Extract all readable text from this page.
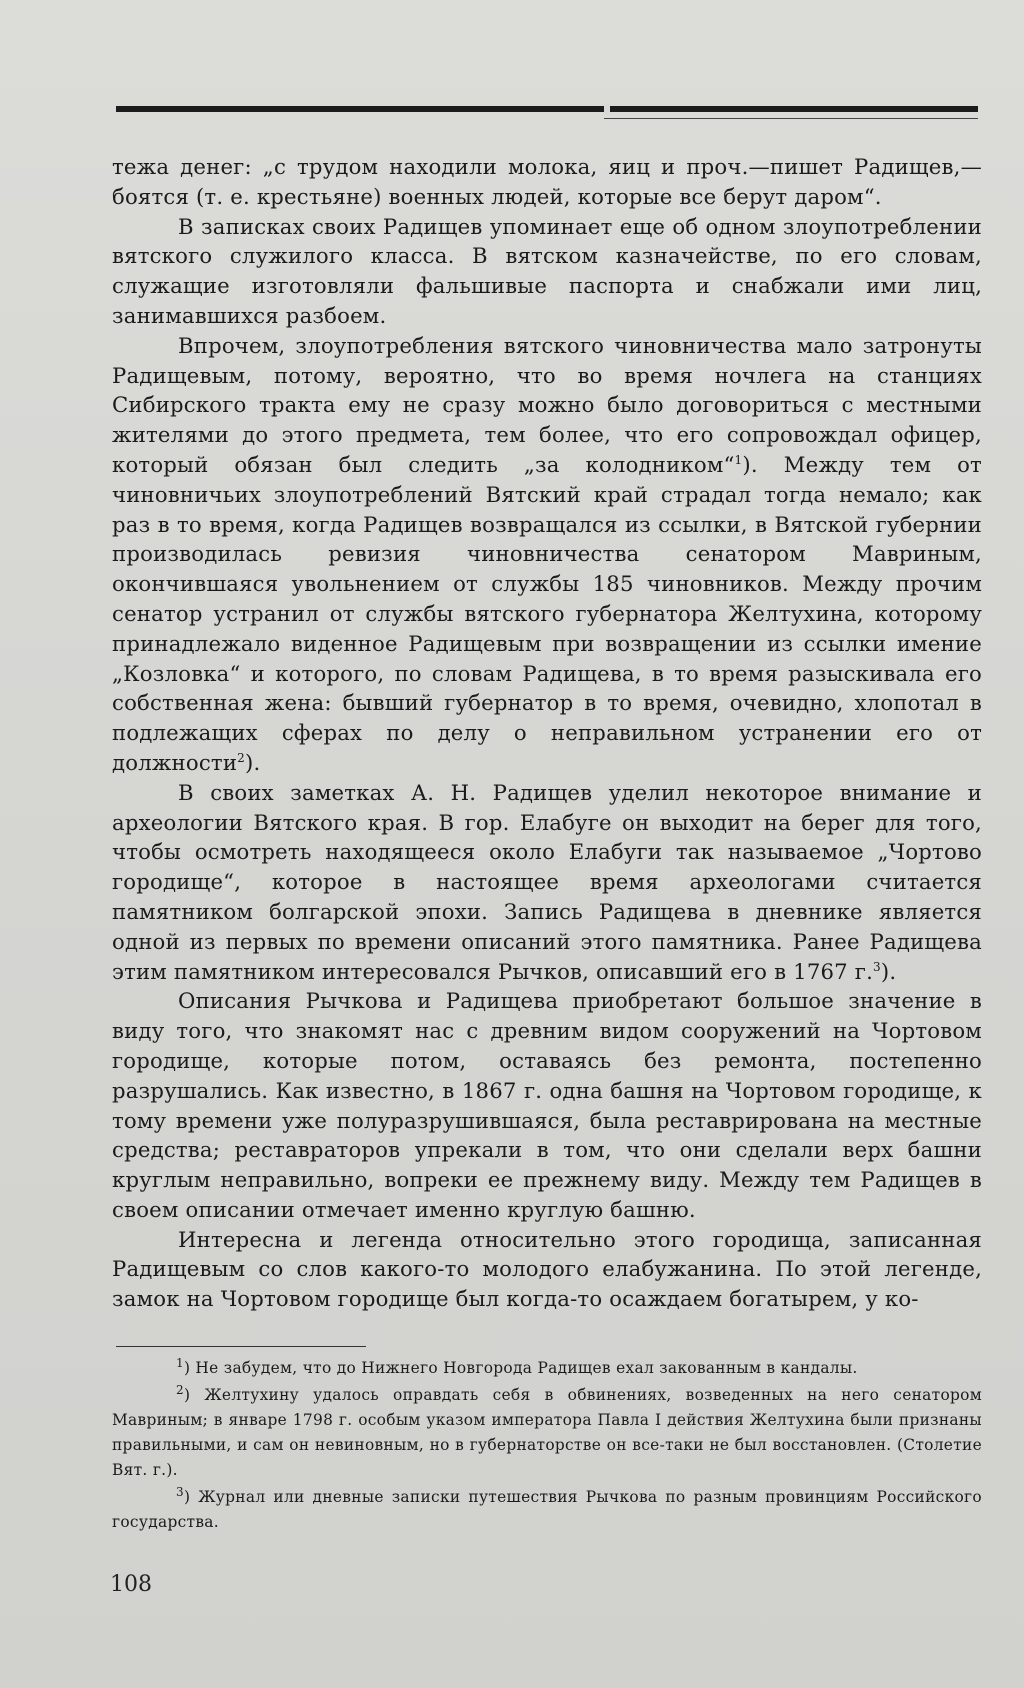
тежа денег: „с трудом находили молока, яиц и проч.—пишет Радищев,—боятся (т. е. крестьяне) военных людей, которые все берут даром“.

В записках своих Радищев упоминает еще об одном злоупотреблении вятского служилого класса. В вятском казначействе, по его словам, служащие изготовляли фальшивые паспорта и снабжали ими лиц, занимавшихся разбоем.

Впрочем, злоупотребления вятского чиновничества мало затронуты Радищевым, потому, вероятно, что во время ночлега на станциях Сибирского тракта ему не сразу можно было договориться с местными жителями до этого предмета, тем более, что его сопровождал офицер, который обязан был следить „за колодником“$^1$). Между тем от чиновничьих злоупотреблений Вятский край страдал тогда немало; как раз в то время, когда Радищев возвращался из ссылки, в Вятской губернии производилась ревизия чиновничества сенатором Мавриным, окончившаяся увольнением от службы 185 чиновников. Между прочим сенатор устранил от службы вятского губернатора Желтухина, которому принадлежало виденное Радищевым при возвращении из ссылки имение „Козловка“ и которого, по словам Радищева, в то время разыскивала его собственная жена: бывший губернатор в то время, очевидно, хлопотал в подлежащих сферах по делу о неправильном устранении его от должности$^2$).

В своих заметках А. Н. Радищев уделил некоторое внимание и археологии Вятского края. В гор. Елабуге он выходит на берег для того, чтобы осмотреть находящееся около Елабуги так называемое „Чортово городище“, которое в настоящее время археологами считается памятником болгарской эпохи. Запись Радищева в дневнике является одной из первых по времени описаний этого памятника. Ранее Радищева этим памятником интересовался Рычков, описавший его в 1767 г.$^3$).

Описания Рычкова и Радищева приобретают большое значение в виду того, что знакомят нас с древним видом сооружений на Чортовом городище, которые потом, оставаясь без ремонта, постепенно разрушались. Как известно, в 1867 г. одна башня на Чортовом городище, к тому времени уже полуразрушившаяся, была реставрирована на местные средства; реставраторов упрекали в том, что они сделали верх башни круглым неправильно, вопреки ее прежнему виду. Между тем Радищев в своем описании отмечает именно круглую башню.

Интересна и легенда относительно этого городища, записанная Радищевым со слов какого-то молодого елабужанина. По этой легенде, замок на Чортовом городище был когда-то осаждаем богатырем, у ко-

$^1$) Не забудем, что до Нижнего Новгорода Радищев ехал закованным в кандалы.

$^2$) Желтухину удалось оправдать себя в обвинениях, возведенных на него сенатором Мавриным; в январе 1798 г. особым указом императора Павла I действия Желтухина были признаны правильными, и сам он невиновным, но в губернаторстве он все-таки не был восстановлен. (Столетие Вят. г.).

$^3$) Журнал или дневные записки путешествия Рычкова по разным провинциям Российского государства.

108
